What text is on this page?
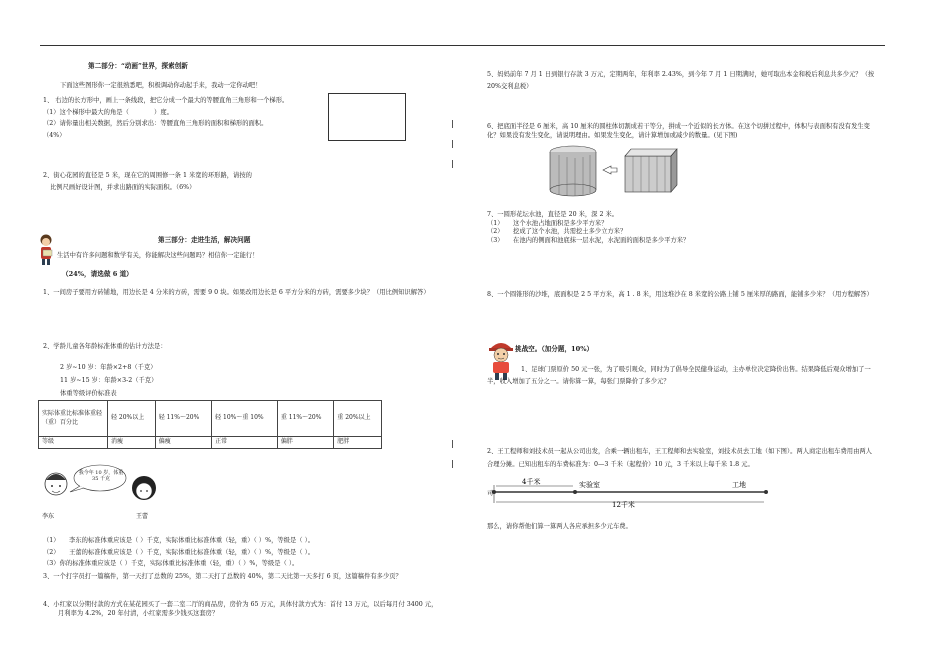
第二部分：“动画”世界，探索创新
下面这些图形你一定很熟悉吧，积极调动你动起手来，我动一定你动吧！
1、 右边的长方形中，画上一条线段，把它分成一个最大的等腰直角三角形和一个梯形。
（1）这个梯形中最大的角是（　　　　）度。
（2）请你量出相关数据，然后分别求出：等腰直角三角形的面积和梯形的面积。
（4%）
2、街心花园的直径是 5 米，现在它的周围修一条 1 米宽的环形路，请按的
比例尺画好设计图，并求出路面的实际面积。（6%）
第三部分：走进生活，解决问题
生活中有许多问题和数学有关，你能解决这些问题吗？相信你一定能行！
（24%，请选做 6 道）
1、一间房子要用方砖铺地，用边长是 4 分米的方砖，需要 9 0 块。如果改用边长是 6 平方分米的方砖，需要多少块？（用比例知识解答）
2、学龄儿童各年龄标准体重的估计方法是：
2 岁~10 岁：年龄×2+8（千克）
11 岁~15 岁：年龄×3-2（千克）
体重等级评价标准表
实际体重比标准体重轻（重）百分比	轻 20%以上	轻 11%～20%	轻 10%～重 10%	重 11%～20%	重 20%以上
等级	消瘦	偏瘦	正常	偏胖	肥胖
李东	王蕾
我今年 10 岁，体重 35 千克
（1）　　李东的标准体重应该是（ ）千克，实际体重比标准体重（轻，重）（ ）%，等级是（ ）。
（2）　　王蕾的标准体重应该是（ ）千克，实际体重比标准体重（轻，重）（ ）%，等级是（ ）。
（3）你的标准体重应该是（ ）千克，实际体重比标准体重（轻，重）（ ）%，等级是（ ）。
3、一个打字员打一篇稿件，第一天打了总数的 25%，第二天打了总数的 40%，第二天比第一天多打 6 页，这篇稿件有多少页？
4、小红家以分期付款的方式在某花园买了一套二室二厅的商品房，房价为 65 万元，具体付款方式为：首付 13 万元，以后每月付 3400 元，
月利率为 4.2%，20 年付清，小红家需多少钱买这套房？
5、妈妈前年 7 月 1 日到银行存款 3 万元，定期两年，年利率 2.43%，到今年 7 月 1 日期满时，她可取出本金和税后利息共多少元？（按
20%交利息税）
6、把底面半径是 6 厘米，高 10 厘米的圆柱体切割成若干等分，拼成一个近似的长方体。在这个切拼过程中，体积与表面积有没有发生变
化？如果没有发生变化，请说明理由。如果发生变化，请计算增加或减少的数量。(见下图)
7、一圆形花坛水池，直径是 20 米，深 2 米。
（1）　　这个水池占地面积是多少平方米？
（2）　　挖成了这个水池，共需挖土多少立方米？
（3）　　在池内的侧面和池底抹一层水泥，水泥面的面积是多少平方米？
8、一个圆锥形的沙堆，底面积是 2 5 平方米，高 1 . 8 米，用这堆沙在 8 米宽的公路上铺 5 厘米厚的路面，能铺多少米？（用方程解答）
挑战空。（加分题，10%）
1、足球门票原价 50 元一张，为了吸引观众，同时为了倡导全民健身运动，主办单位决定降价出售。结果降低后观众增加了一
半，收入增加了五分之一。请你算一算，每张门票降价了多少元？
2、王工程师和刘技术员一起从公司出发，合乘一辆出租车，王工程师和去实验室，刘技术员去工地（如下图）。两人商定出租车费用由两人
合理分摊。已知出租车的车费标准为：0—3 千米（起程价）10 元，3 千米以上每千米 1.8 元。
司
4千米	实验室	工地
12千米
那么，请你帮他们算一算两人各应承担多少元车费。
